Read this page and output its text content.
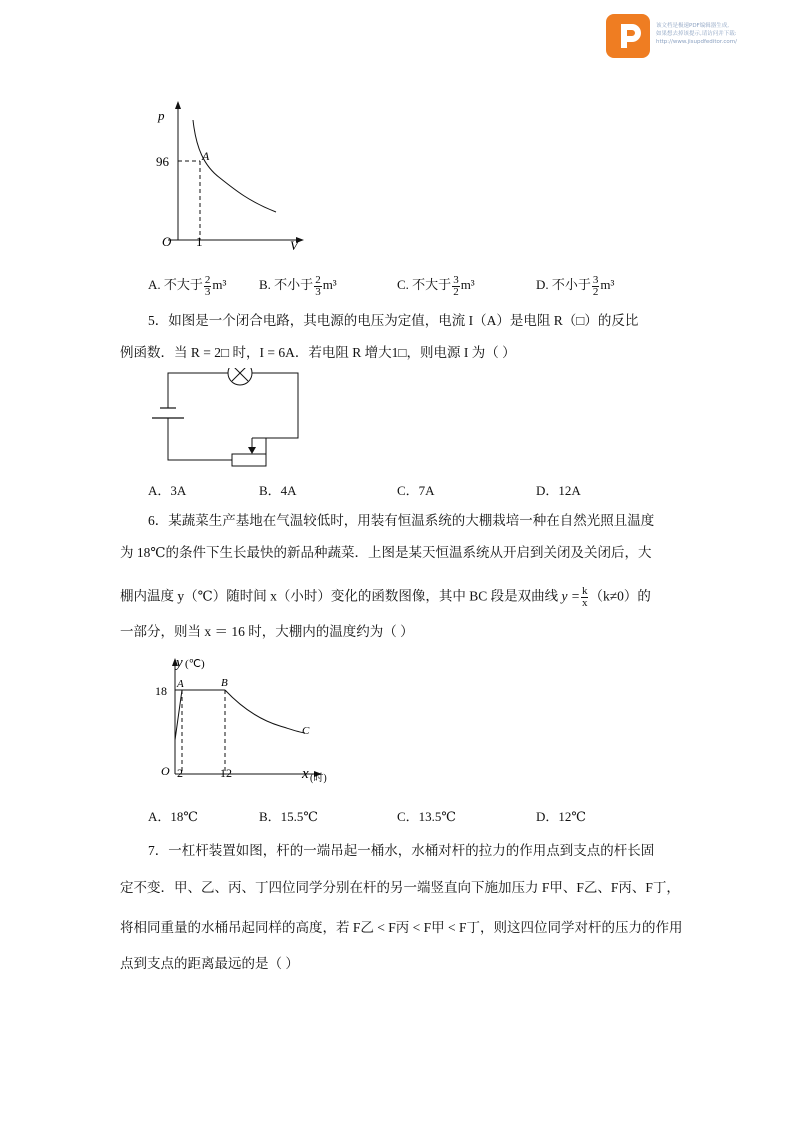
该文档是极速PDF编辑器生成,
如果想去掉该提示,请访问并下载:
http://www.jisupdfeditor.com/
p
96	A
O 1	V
A. 不大于 $\frac{2}{3} m^3$	B. 不小于 $\frac{2}{3} m^3$	C. 不大于 $\frac{3}{2} m^3$	D. 不小于 $\frac{3}{2} m^3$
5．如图是一个闭合电路，其电源的电压为定值，电流 I（A）是电阻 R（□）的反比
例函数．当 R = 2□ 时，I = 6A．若电阻 R 增大1□，则电源 I 为（ ）
A．3A	B．4A	C．7A	D．12A
6．某蔬菜生产基地在气温较低时，用装有恒温系统的大棚栽培一种在自然光照且温度
为 18℃的条件下生长最快的新品种蔬菜．上图是某天恒温系统从开启到关闭及关闭后，大
棚内温度 y（℃）随时间 x（小时）变化的函数图像，其中 BC 段是双曲线 $y = \frac{k}{x} (k\ne 0)$的
一部分，则当 x ＝ 16 时，大棚内的温度约为（ ）
y (℃)
18 A	B
C
O 2	12	x (时)
A．18℃	B．15.5℃	C．13.5℃	D．12℃
7．一杠杆装置如图，杆的一端吊起一桶水，水桶对杆的拉力的作用点到支点的杆长固
定不变．甲、乙、丙、丁四位同学分别在杆的另一端竖直向下施加压力 F甲、F乙、F丙、F丁，
将相同重量的水桶吊起同样的高度，若 F乙 < F丙 < F甲 < F丁，则这四位同学对杆的压力的作用
点到支点的距离最远的是（ ）
